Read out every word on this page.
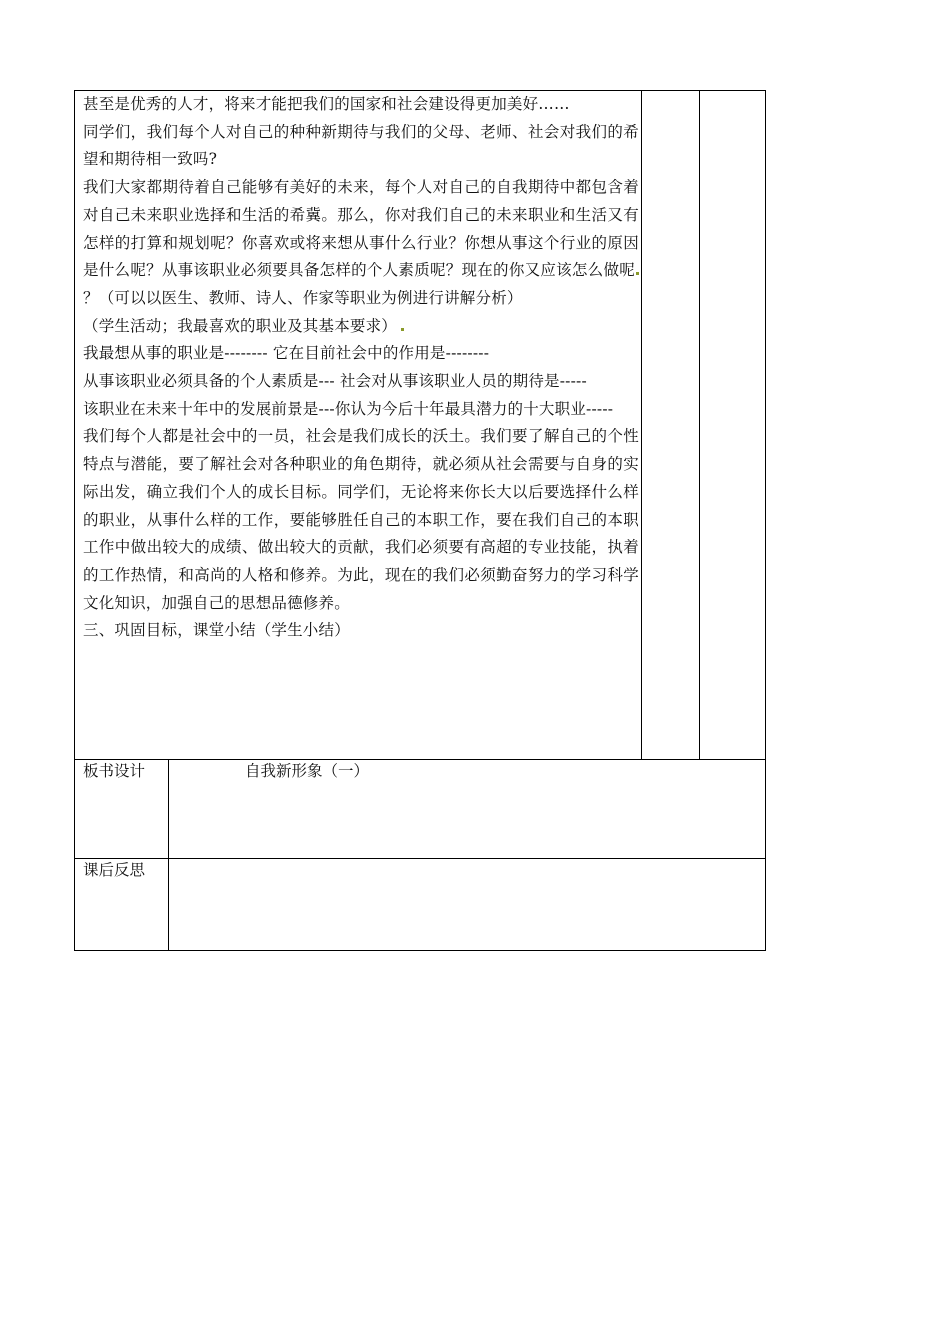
甚至是优秀的人才，将来才能把我们的国家和社会建设得更加美好……

同学们，我们每个人对自己的种种新期待与我们的父母、老师、社会对我们的希望和期待相一致吗?

我们大家都期待着自己能够有美好的未来，每个人对自己的自我期待中都包含着对自己未来职业选择和生活的希冀。那么，你对我们自己的未来职业和生活又有怎样的打算和规划呢？你喜欢或将来想从事什么行业？你想从事这个行业的原因是什么呢？从事该职业必须要具备怎样的个人素质呢？现在的你又应该怎么做呢？（可以以医生、教师、诗人、作家等职业为例进行讲解分析）

（学生活动；我最喜欢的职业及其基本要求）

我最想从事的职业是-------- 它在目前社会中的作用是--------

从事该职业必须具备的个人素质是--- 社会对从事该职业人员的期待是-----

该职业在未来十年中的发展前景是---你认为今后十年最具潜力的十大职业-----

我们每个人都是社会中的一员，社会是我们成长的沃土。我们要了解自己的个性特点与潜能，要了解社会对各种职业的角色期待，就必须从社会需要与自身的实际出发，确立我们个人的成长目标。同学们，无论将来你长大以后要选择什么样的职业，从事什么样的工作，要能够胜任自己的本职工作，要在我们自己的本职工作中做出较大的成绩、做出较大的贡献，我们必须要有高超的专业技能，执着的工作热情，和高尚的人格和修养。为此，现在的我们必须勤奋努力的学习科学文化知识，加强自己的思想品德修养。

三、巩固目标，课堂小结（学生小结）

板书设计	自我新形象（一）
课后反思
